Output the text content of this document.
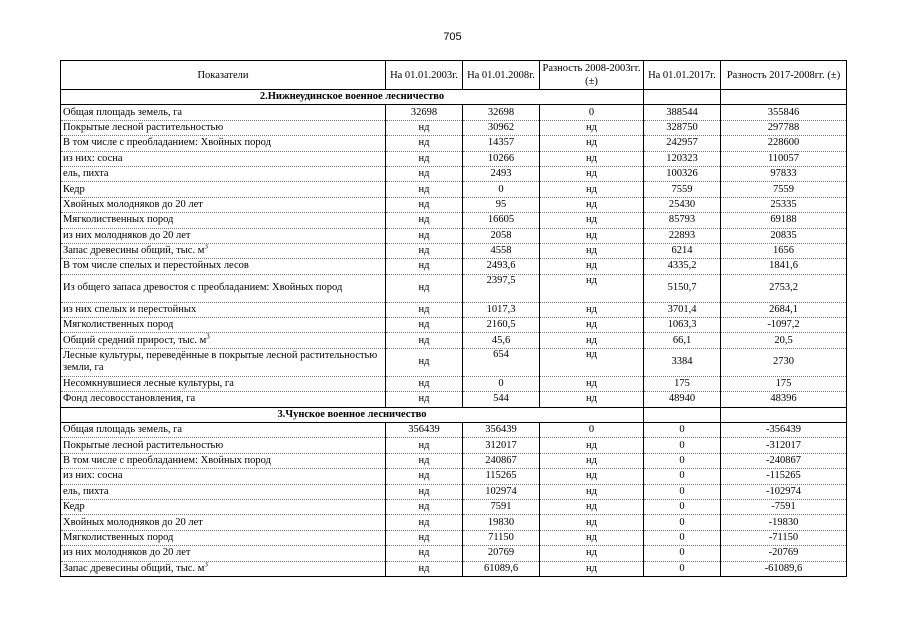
705
Показатели	На 01.01.2003г.	На 01.01.2008г.	Разность 2008-2003гг. (±)	На 01.01.2017г.	Разность 2017-2008гг. (±)
2.Нижнеудинское военное лесничество					
Общая площадь земель, га	32698	32698	0	388544	355846
Покрытые лесной растительностью	нд	30962	нд	328750	297788
В том числе с преобладанием: Хвойных пород	нд	14357	нд	242957	228600
из них: сосна	нд	10266	нд	120323	110057
ель, пихта	нд	2493	нд	100326	97833
Кедр	нд	0	нд	7559	7559
Хвойных молодняков до 20 лет	нд	95	нд	25430	25335
Мягколиственных пород	нд	16605	нд	85793	69188
из них молодняков до 20 лет	нд	2058	нд	22893	20835
Запас древесины общий, тыс. $м^3$	нд	4558	нд	6214	1656
В том числе спелых и перестойных лесов	нд	2493,6	нд	4335,2	1841,6
Из общего запаса древостоя с преобладанием: Хвойных пород	нд	2397,5	нд	5150,7	2753,2
из них спелых и перестойных	нд	1017,3	нд	3701,4	2684,1
Мягколиственных пород	нд	2160,5	нд	1063,3	-1097,2
Общий средний прирост, тыс. $м^3$	нд	45,6	нд	66,1	20,5
Лесные культуры, переведённые в покрытые лесной растительностью земли, га	нд	654	нд	3384	2730
Несомкнувшиеся лесные культуры, га	нд	0	нд	175	175
Фонд лесовосстановления, га	нд	544	нд	48940	48396
3.Чунское военное лесничество					
Общая площадь земель, га	356439	356439	0	0	-356439
Покрытые лесной растительностью	нд	312017	нд	0	-312017
В том числе с преобладанием: Хвойных пород	нд	240867	нд	0	-240867
из них: сосна	нд	115265	нд	0	-115265
ель, пихта	нд	102974	нд	0	-102974
Кедр	нд	7591	нд	0	-7591
Хвойных молодняков до 20 лет	нд	19830	нд	0	-19830
Мягколиственных пород	нд	71150	нд	0	-71150
из них молодняков до 20 лет	нд	20769	нд	0	-20769
Запас древесины общий, тыс. $м^3$	нд	61089,6	нд	0	-61089,6
